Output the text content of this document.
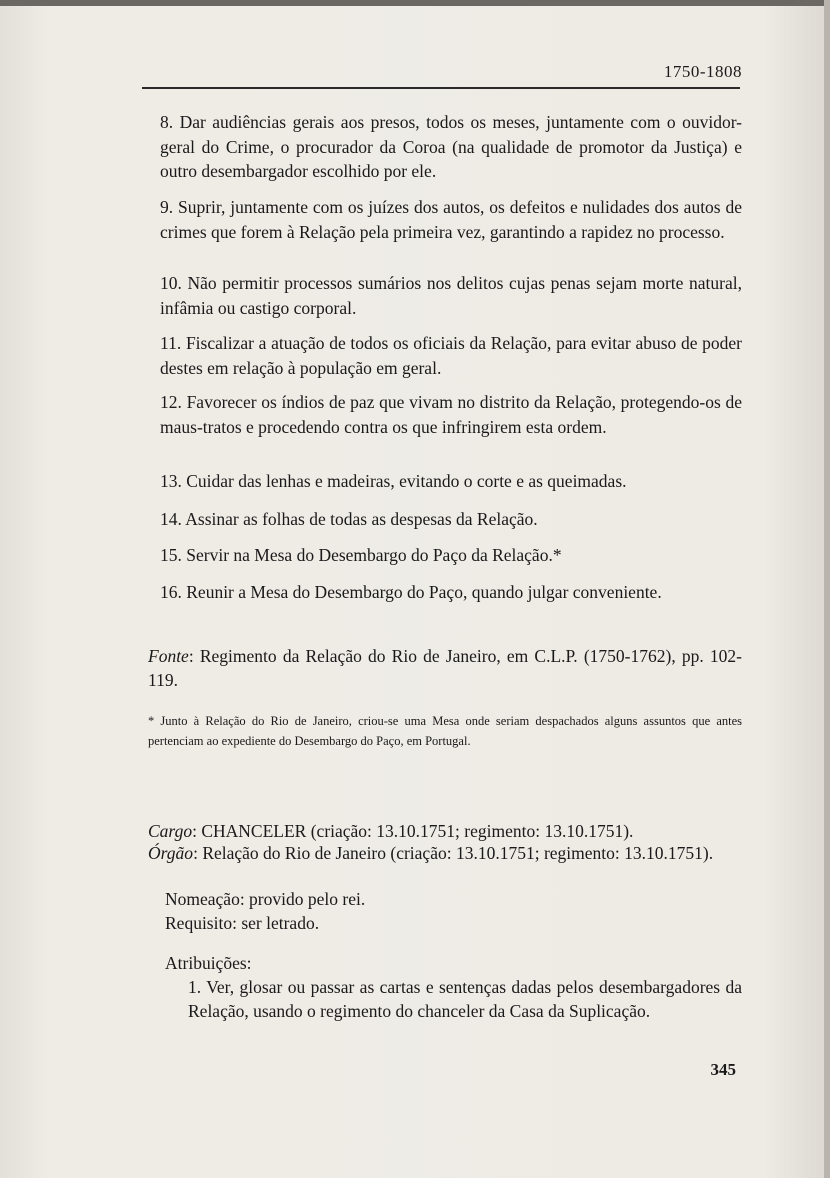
1750-1808
8. Dar audiências gerais aos presos, todos os meses, juntamente com o ouvidor-geral do Crime, o procurador da Coroa (na qualidade de promotor da Justiça) e outro desembargador escolhido por ele.
9. Suprir, juntamente com os juízes dos autos, os defeitos e nulidades dos autos de crimes que forem à Relação pela primeira vez, garantindo a rapidez no processo.
10. Não permitir processos sumários nos delitos cujas penas sejam morte natural, infâmia ou castigo corporal.
11. Fiscalizar a atuação de todos os oficiais da Relação, para evitar abuso de poder destes em relação à população em geral.
12. Favorecer os índios de paz que vivam no distrito da Relação, protegendo-os de maus-tratos e procedendo contra os que infringirem esta ordem.
13. Cuidar das lenhas e madeiras, evitando o corte e as queimadas.
14. Assinar as folhas de todas as despesas da Relação.
15. Servir na Mesa do Desembargo do Paço da Relação.*
16. Reunir a Mesa do Desembargo do Paço, quando julgar conveniente.
Fonte: Regimento da Relação do Rio de Janeiro, em C.L.P. (1750-1762), pp. 102-119.
* Junto à Relação do Rio de Janeiro, criou-se uma Mesa onde seriam despachados alguns assuntos que antes pertenciam ao expediente do Desembargo do Paço, em Portugal.
Cargo: CHANCELER (criação: 13.10.1751; regimento: 13.10.1751).
Órgão: Relação do Rio de Janeiro (criação: 13.10.1751; regimento: 13.10.1751).
Nomeação: provido pelo rei.
Requisito: ser letrado.
Atribuições:
1. Ver, glosar ou passar as cartas e sentenças dadas pelos desembargadores da Relação, usando o regimento do chanceler da Casa da Suplicação.
345
